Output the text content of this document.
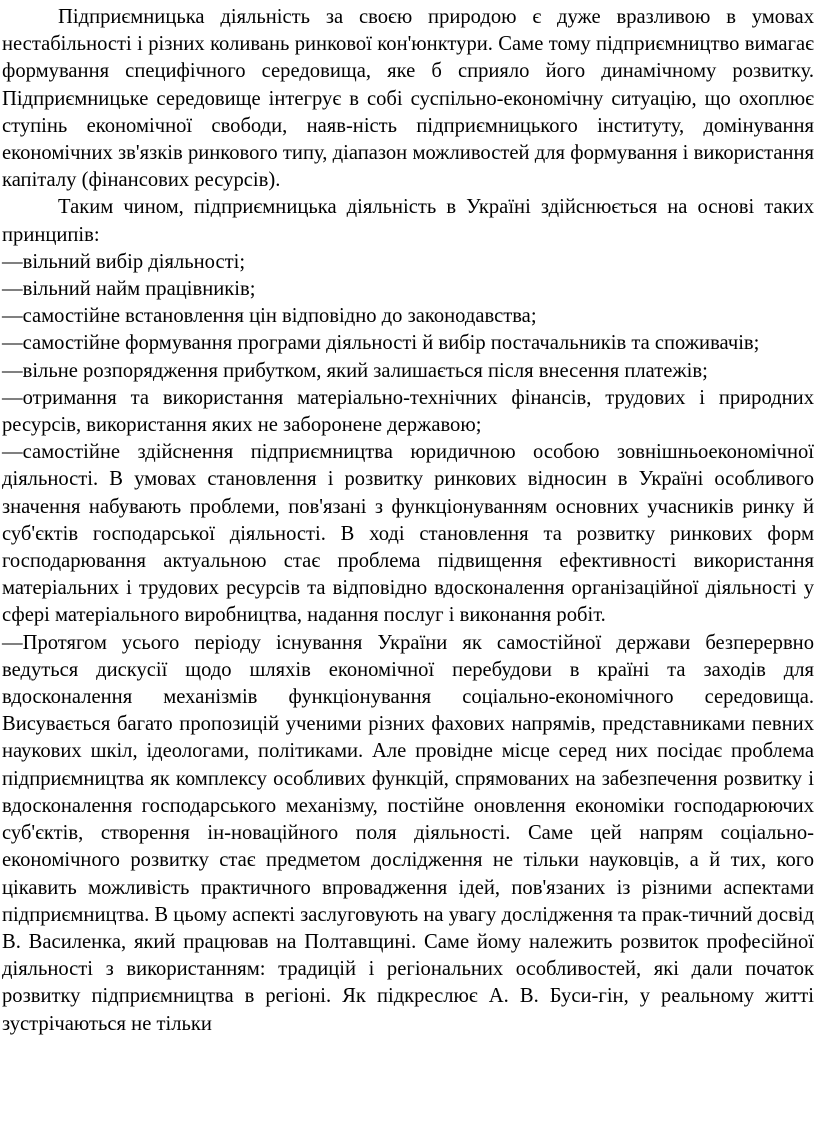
Підприємницька діяльність за своєю природою є дуже вразливою в умовах нестабільності і різних коливань ринкової кон'юнктури. Саме тому підприємництво вимагає формування специфічного середовища, яке б сприяло його динамічному розвитку. Підприємницьке середовище інтегрує в собі суспільно-економічну ситуацію, що охоплює ступінь економічної свободи, наяв-ність підприємницького інституту, домінування економічних зв'язків ринкового типу, діапазон можливостей для формування і використання капіталу (фінансових ресурсів).

Таким чином, підприємницька діяльність в Україні здійснюється на основі таких принципів:

—вільний вибір діяльності;
—вільний найм працівників;
—самостійне встановлення цін відповідно до законодавства;
—самостійне формування програми діяльності й вибір постачальників та споживачів;
—вільне розпорядження прибутком, який залишається після внесення платежів;
—отримання та використання матеріально-технічних фінансів, трудових і природних ресурсів, використання яких не заборонене державою;
—самостійне здійснення підприємництва юридичною особою зовнішньоекономічної діяльності. В умовах становлення і розвитку ринкових відносин в Україні особливого значення набувають проблеми, пов'язані з функціонуванням основних учасників ринку й суб'єктів господарської діяльності. В ході становлення та розвитку ринкових форм господарювання актуальною стає проблема підвищення ефективності використання матеріальних і трудових ресурсів та відповідно вдосконалення організаційної діяльності у сфері матеріального виробництва, надання послуг і виконання робіт.
—Протягом усього періоду існування України як самостійної держави безперервно ведуться дискусії щодо шляхів економічної перебудови в країні та заходів для вдосконалення механізмів функціонування соціально-економічного середовища. Висувається багато пропозицій ученими різних фахових напрямів, представниками певних наукових шкіл, ідеологами, політиками. Але провідне місце серед них посідає проблема підприємництва як комплексу особливих функцій, спрямованих на забезпечення розвитку і вдосконалення господарського механізму, постійне оновлення економіки господарюючих суб'єктів, створення ін-новаційного поля діяльності. Саме цей напрям соціально-економічного розвитку стає предметом дослідження не тільки науковців, а й тих, кого цікавить можливість практичного впровадження ідей, пов'язаних із різними аспектами підприємництва. В цьому аспекті заслуговують на увагу дослідження та прак-тичний досвід В. Василенка, який працював на Полтавщині. Саме йому належить розвиток професійної діяльності з використанням: традицій і регіональних особливостей, які дали початок розвитку підприємництва в регіоні. Як підкреслює А. В. Буси-гін, у реальному житті зустрічаються не тільки
